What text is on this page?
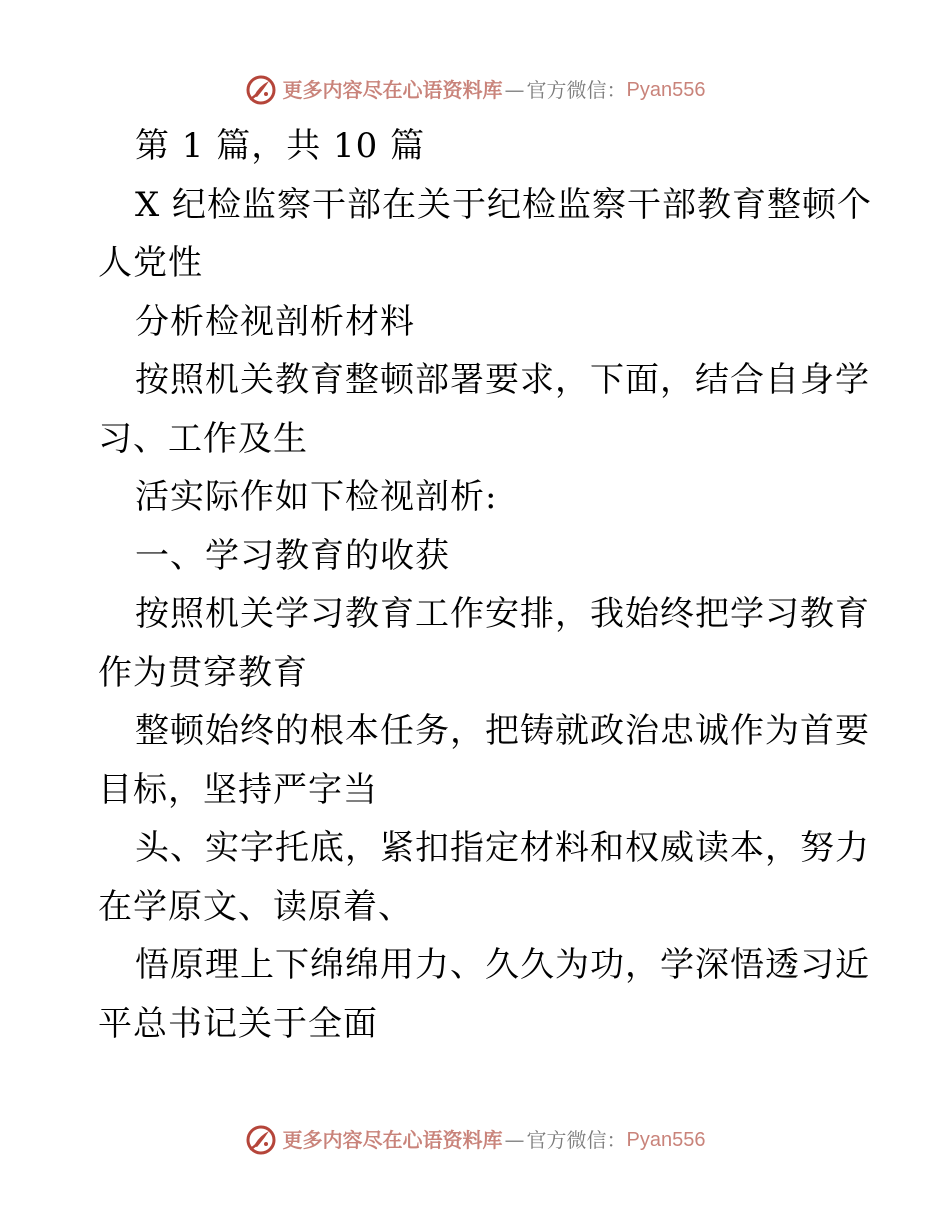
更多内容尽在心语资料库 — 官方微信： Pyan556
第 1 篇，共 10 篇
X 纪检监察干部在关于纪检监察干部教育整顿个
人党性
分析检视剖析材料
按照机关教育整顿部署要求，下面，结合自身学
习、工作及生
活实际作如下检视剖析:
一、学习教育的收获
按照机关学习教育工作安排，我始终把学习教育
作为贯穿教育
整顿始终的根本任务，把铸就政治忠诚作为首要
目标，坚持严字当
头、实字托底，紧扣指定材料和权威读本，努力
在学原文、读原着、
悟原理上下绵绵用力、久久为功，学深悟透习近
平总书记关于全面
更多内容尽在心语资料库 — 官方微信： Pyan556
